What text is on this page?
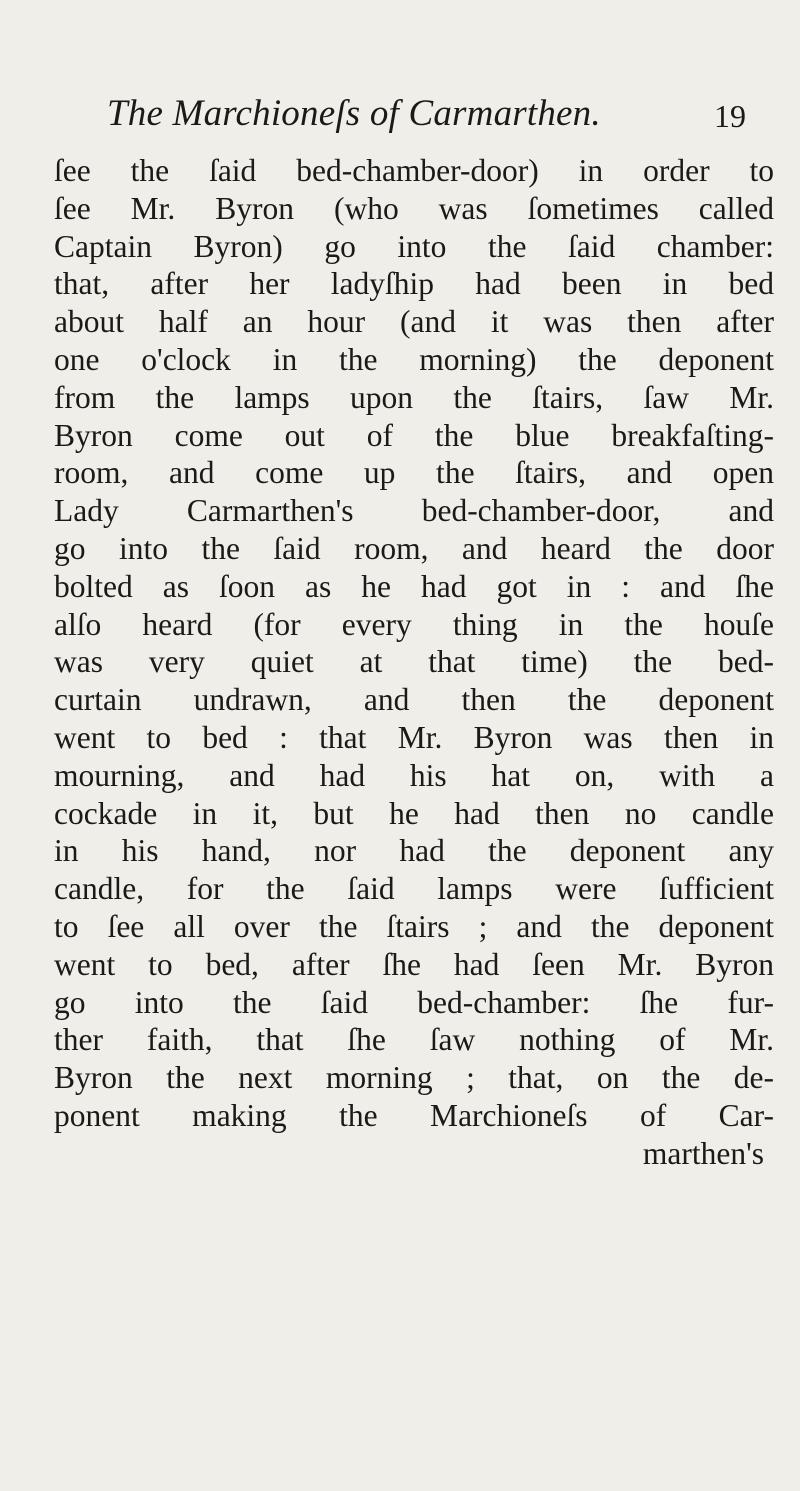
The Marchioneſs of Carmarthen.	19
ſee the ſaid bed-chamber-door) in order to
ſee Mr. Byron (who was ſometimes called
Captain Byron) go into the ſaid chamber:
that, after her ladyſhip had been in bed
about half an hour (and it was then after
one o'clock in the morning) the deponent
from the lamps upon the ſtairs, ſaw Mr.
Byron come out of the blue breakfaſting-
room, and come up the ſtairs, and open
Lady Carmarthen's bed-chamber-door, and
go into the ſaid room, and heard the door
bolted as ſoon as he had got in : and ſhe
alſo heard (for every thing in the houſe
was very quiet at that time) the bed-
curtain undrawn, and then the deponent
went to bed : that Mr. Byron was then in
mourning, and had his hat on, with a
cockade in it, but he had then no candle
in his hand, nor had the deponent any
candle, for the ſaid lamps were ſufficient
to ſee all over the ſtairs ; and the deponent
went to bed, after ſhe had ſeen Mr. Byron
go into the ſaid bed-chamber: ſhe fur-
ther faith, that ſhe ſaw nothing of Mr.
Byron the next morning ; that, on the de-
ponent making the Marchioneſs of Car-
marthen's
